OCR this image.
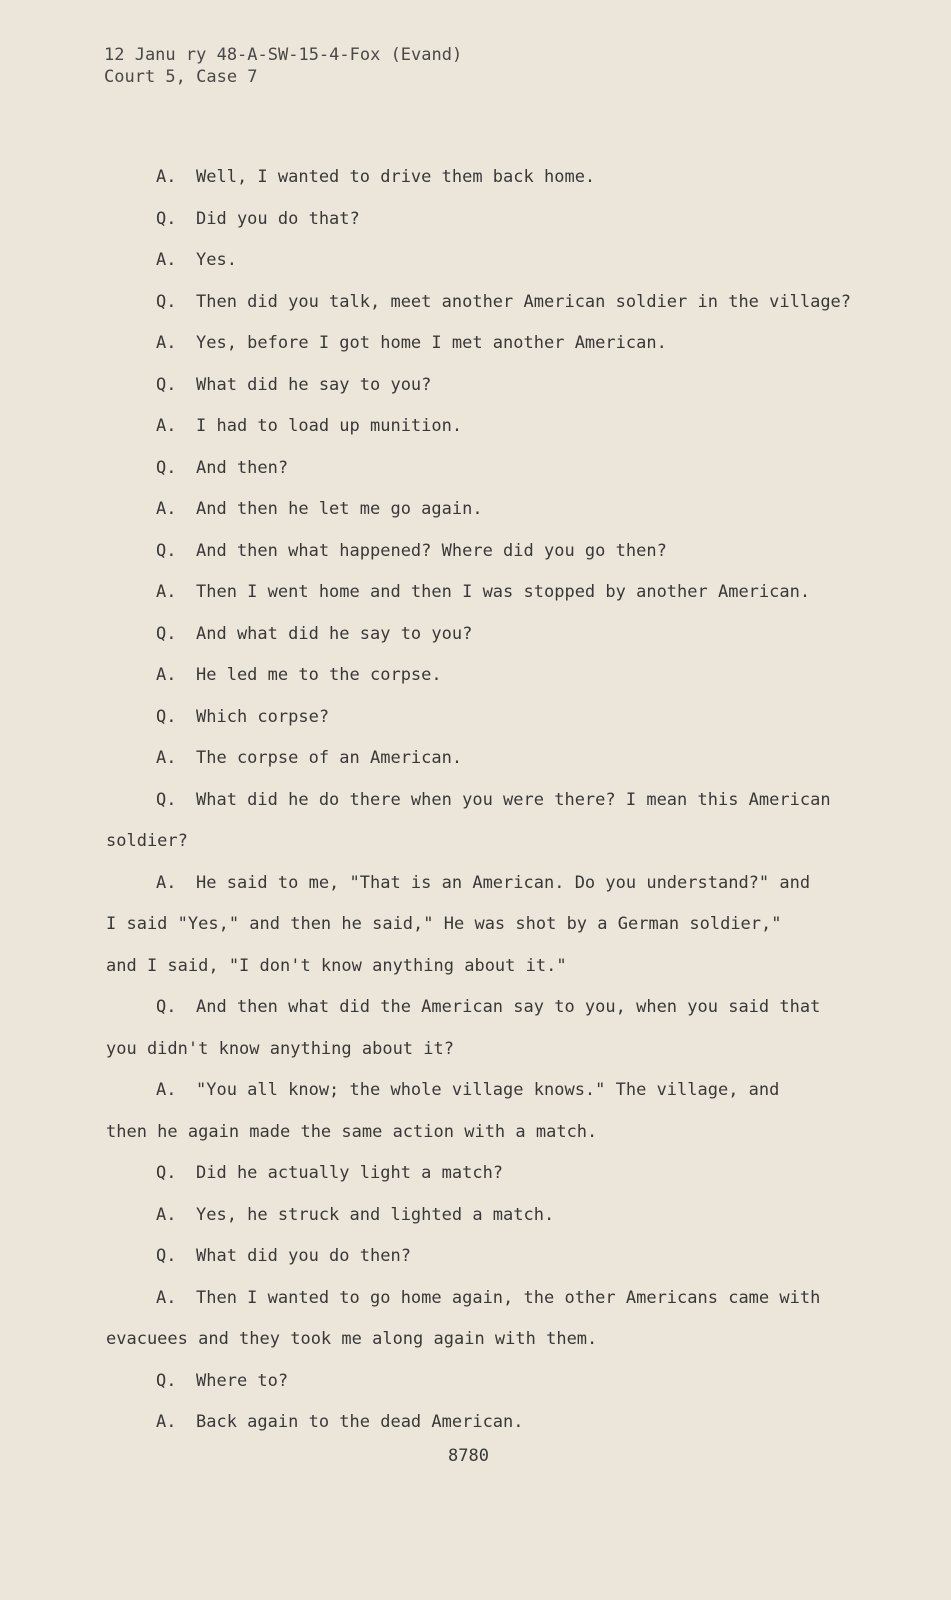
12 Janu ry 48-A-SW-15-4-Fox (Evand)
Court 5, Case 7
A.	Well, I wanted to drive them back home.
Q.	Did you do that?
A.	Yes.
Q.	Then did you talk, meet another American soldier in the village?
A.	Yes, before I got home I met another American.
Q.	What did he say to you?
A.	I had to load up munition.
Q.	And then?
A.	And then he let me go again.
Q.	And then what happened? Where did you go then?
A.	Then I went home and then I was stopped by another American.
Q.	And what did he say to you?
A.	He led me to the corpse.
Q.	Which corpse?
A.	The corpse of an American.
Q. What did he do there when you were there? I mean this American
soldier?
A. He said to me, "That is an American. Do you understand?" and
I said "Yes," and then he said," He was shot by a German soldier,"
and I said, "I don't know anything about it."
Q. And then what did the American say to you, when you said that
you didn't know anything about it?
A. "You all know; the whole village knows." The village, and
then he again made the same action with a match.
Q.	Did he actually light a match?
A.	Yes, he struck and lighted a match.
Q.	What did you do then?
A. Then I wanted to go home again, the other Americans came with
evacuees and they took me along again with them.
Q.	Where to?
A.	Back again to the dead American.
8780
